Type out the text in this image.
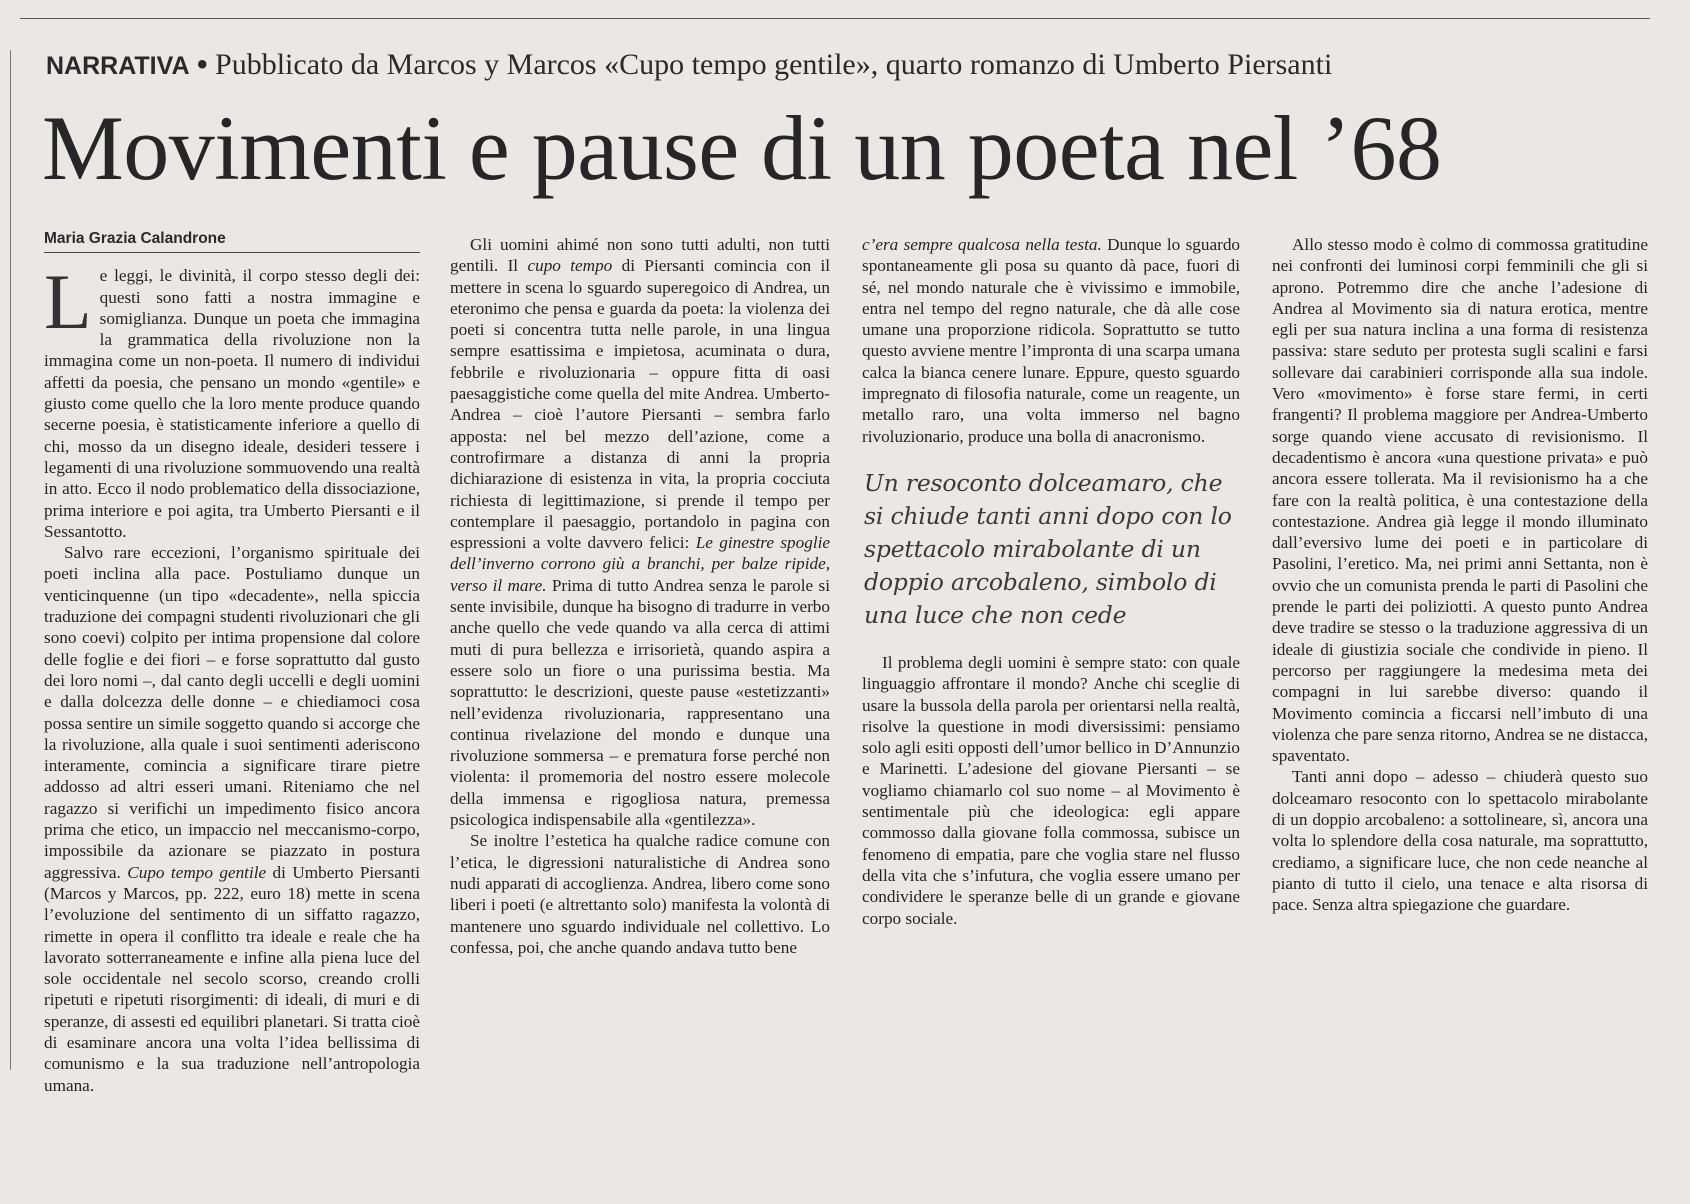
NARRATIVA • Pubblicato da Marcos y Marcos «Cupo tempo gentile», quarto romanzo di Umberto Piersanti
Movimenti e pause di un poeta nel ’68
Maria Grazia Calandrone

Le leggi, le divinità, il corpo stesso degli dei: questi sono fatti a nostra immagine e somiglianza. Dunque un poeta che immagina la grammatica della rivoluzione non la immagina come un non-poeta. Il numero di individui affetti da poesia, che pensano un mondo «gentile» e giusto come quello che la loro mente produce quando secerne poesia, è statisticamente inferiore a quello di chi, mosso da un disegno ideale, desideri tessere i legamenti di una rivoluzione sommuovendo una realtà in atto. Ecco il nodo problematico della dissociazione, prima interiore e poi agita, tra Umberto Piersanti e il Sessantotto.

Salvo rare eccezioni, l’organismo spirituale dei poeti inclina alla pace. Postuliamo dunque un venticinquenne (un tipo «decadente», nella spiccia traduzione dei compagni studenti rivoluzionari che gli sono coevi) colpito per intima propensione dal colore delle foglie e dei fiori – e forse soprattutto dal gusto dei loro nomi –, dal canto degli uccelli e degli uomini e dalla dolcezza delle donne – e chiediamoci cosa possa sentire un simile soggetto quando si accorge che la rivoluzione, alla quale i suoi sentimenti aderiscono interamente, comincia a significare tirare pietre addosso ad altri esseri umani. Riteniamo che nel ragazzo si verifichi un impedimento fisico ancora prima che etico, un impaccio nel meccanismo-corpo, impossibile da azionare se piazzato in postura aggressiva. Cupo tempo gentile di Umberto Piersanti (Marcos y Marcos, pp. 222, euro 18) mette in scena l’evoluzione del sentimento di un siffatto ragazzo, rimette in opera il conflitto tra ideale e reale che ha lavorato sotterraneamente e infine alla piena luce del sole occidentale nel secolo scorso, creando crolli ripetuti e ripetuti risorgimenti: di ideali, di muri e di speranze, di assesti ed equilibri planetari. Si tratta cioè di esaminare ancora una volta l’idea bellissima di comunismo e la sua traduzione nell’antropologia umana.

Gli uomini ahimé non sono tutti adulti, non tutti gentili. Il cupo tempo di Piersanti comincia con il mettere in scena lo sguardo superegoico di Andrea, un eteronimo che pensa e guarda da poeta: la violenza dei poeti si concentra tutta nelle parole, in una lingua sempre esattissima e impietosa, acuminata o dura, febbrile e rivoluzionaria – oppure fitta di oasi paesaggistiche come quella del mite Andrea. Umberto-Andrea – cioè l’autore Piersanti – sembra farlo apposta: nel bel mezzo dell’azione, come a controfirmare a distanza di anni la propria dichiarazione di esistenza in vita, la propria cocciuta richiesta di legittimazione, si prende il tempo per contemplare il paesaggio, portandolo in pagina con espressioni a volte davvero felici: Le ginestre spoglie dell’inverno corrono giù a branchi, per balze ripide, verso il mare. Prima di tutto Andrea senza le parole si sente invisibile, dunque ha bisogno di tradurre in verbo anche quello che vede quando va alla cerca di attimi muti di pura bellezza e irrisorietà, quando aspira a essere solo un fiore o una purissima bestia. Ma soprattutto: le descrizioni, queste pause «estetizzanti» nell’evidenza rivoluzionaria, rappresentano una continua rivelazione del mondo e dunque una rivoluzione sommersa – e prematura forse perché non violenta: il promemoria del nostro essere molecole della immensa e rigogliosa natura, premessa psicologica indispensabile alla «gentilezza».

Se inoltre l’estetica ha qualche radice comune con l’etica, le digressioni naturalistiche di Andrea sono nudi apparati di accoglienza. Andrea, libero come sono liberi i poeti (e altrettanto solo) manifesta la volontà di mantenere uno sguardo individuale nel collettivo. Lo confessa, poi, che anche quando andava tutto bene

c’era sempre qualcosa nella testa. Dunque lo sguardo spontaneamente gli posa su quanto dà pace, fuori di sé, nel mondo naturale che è vivissimo e immobile, entra nel tempo del regno naturale, che dà alle cose umane una proporzione ridicola. Soprattutto se tutto questo avviene mentre l’impronta di una scarpa umana calca la bianca cenere lunare. Eppure, questo sguardo impregnato di filosofia naturale, come un reagente, un metallo raro, una volta immerso nel bagno rivoluzionario, produce una bolla di anacronismo.

Un resoconto dolceamaro, che si chiude tanti anni dopo con lo spettacolo mirabolante di un doppio arcobaleno, simbolo di una luce che non cede

Il problema degli uomini è sempre stato: con quale linguaggio affrontare il mondo? Anche chi sceglie di usare la bussola della parola per orientarsi nella realtà, risolve la questione in modi diversissimi: pensiamo solo agli esiti opposti dell’umor bellico in D’Annunzio e Marinetti. L’adesione del giovane Piersanti – se vogliamo chiamarlo col suo nome – al Movimento è sentimentale più che ideologica: egli appare commosso dalla giovane folla commossa, subisce un fenomeno di empatia, pare che voglia stare nel flusso della vita che s’infutura, che voglia essere umano per condividere le speranze belle di un grande e giovane corpo sociale.

Allo stesso modo è colmo di commossa gratitudine nei confronti dei luminosi corpi femminili che gli si aprono. Potremmo dire che anche l’adesione di Andrea al Movimento sia di natura erotica, mentre egli per sua natura inclina a una forma di resistenza passiva: stare seduto per protesta sugli scalini e farsi sollevare dai carabinieri corrisponde alla sua indole. Vero «movimento» è forse stare fermi, in certi frangenti? Il problema maggiore per Andrea-Umberto sorge quando viene accusato di revisionismo. Il decadentismo è ancora «una questione privata» e può ancora essere tollerata. Ma il revisionismo ha a che fare con la realtà politica, è una contestazione della contestazione. Andrea già legge il mondo illuminato dall’eversivo lume dei poeti e in particolare di Pasolini, l’eretico. Ma, nei primi anni Settanta, non è ovvio che un comunista prenda le parti di Pasolini che prende le parti dei poliziotti. A questo punto Andrea deve tradire se stesso o la traduzione aggressiva di un ideale di giustizia sociale che condivide in pieno. Il percorso per raggiungere la medesima meta dei compagni in lui sarebbe diverso: quando il Movimento comincia a ficcarsi nell’imbuto di una violenza che pare senza ritorno, Andrea se ne distacca, spaventato.

Tanti anni dopo – adesso – chiuderà questo suo dolceamaro resoconto con lo spettacolo mirabolante di un doppio arcobaleno: a sottolineare, sì, ancora una volta lo splendore della cosa naturale, ma soprattutto, crediamo, a significare luce, che non cede neanche al pianto di tutto il cielo, una tenace e alta risorsa di pace. Senza altra spiegazione che guardare.
